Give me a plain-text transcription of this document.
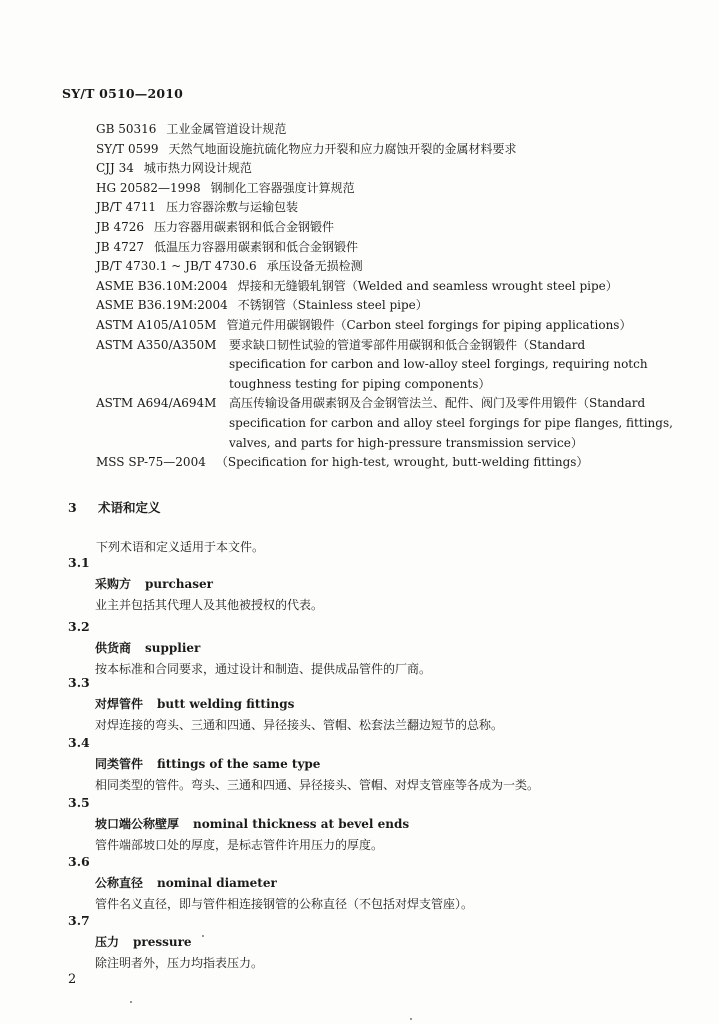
SY/T 0510—2010
GB 50316 工业金属管道设计规范
SY/T 0599 天然气地面设施抗硫化物应力开裂和应力腐蚀开裂的金属材料要求
CJJ 34 城市热力网设计规范
HG 20582—1998 钢制化工容器强度计算规范
JB/T 4711 压力容器涂敷与运输包装
JB 4726 压力容器用碳素钢和低合金钢锻件
JB 4727 低温压力容器用碳素钢和低合金钢锻件
JB/T 4730.1 ~ JB/T 4730.6 承压设备无损检测
ASME B36.10M:2004 焊接和无缝锻轧钢管（Welded and seamless wrought steel pipe）
ASME B36.19M:2004 不锈钢管（Stainless steel pipe）
ASTM A105/A105M 管道元件用碳钢锻件（Carbon steel forgings for piping applications）
ASTM A350/A350M 要求缺口韧性试验的管道零部件用碳钢和低合金钢锻件（Standard
specification for carbon and low-alloy steel forgings, requiring notch
toughness testing for piping components）
ASTM A694/A694M 高压传输设备用碳素钢及合金钢管法兰、配件、阀门及零件用锻件（Standard
specification for carbon and alloy steel forgings for pipe flanges, fittings,
valves, and parts for high-pressure transmission service）
MSS SP-75—2004 （Specification for high-test, wrought, butt-welding fittings）
3 术语和定义
下列术语和定义适用于本文件。
3.1
采购方 purchaser
业主并包括其代理人及其他被授权的代表。
3.2
供货商 supplier
按本标准和合同要求，通过设计和制造、提供成品管件的厂商。
3.3
对焊管件 butt welding fittings
对焊连接的弯头、三通和四通、异径接头、管帽、松套法兰翻边短节的总称。
3.4
同类管件 fittings of the same type
相同类型的管件。弯头、三通和四通、异径接头、管帽、对焊支管座等各成为一类。
3.5
坡口端公称壁厚 nominal thickness at bevel ends
管件端部坡口处的厚度，是标志管件许用压力的厚度。
3.6
公称直径 nominal diameter
管件名义直径，即与管件相连接钢管的公称直径（不包括对焊支管座）。
3.7
压力 pressure
除注明者外，压力均指表压力。
2
